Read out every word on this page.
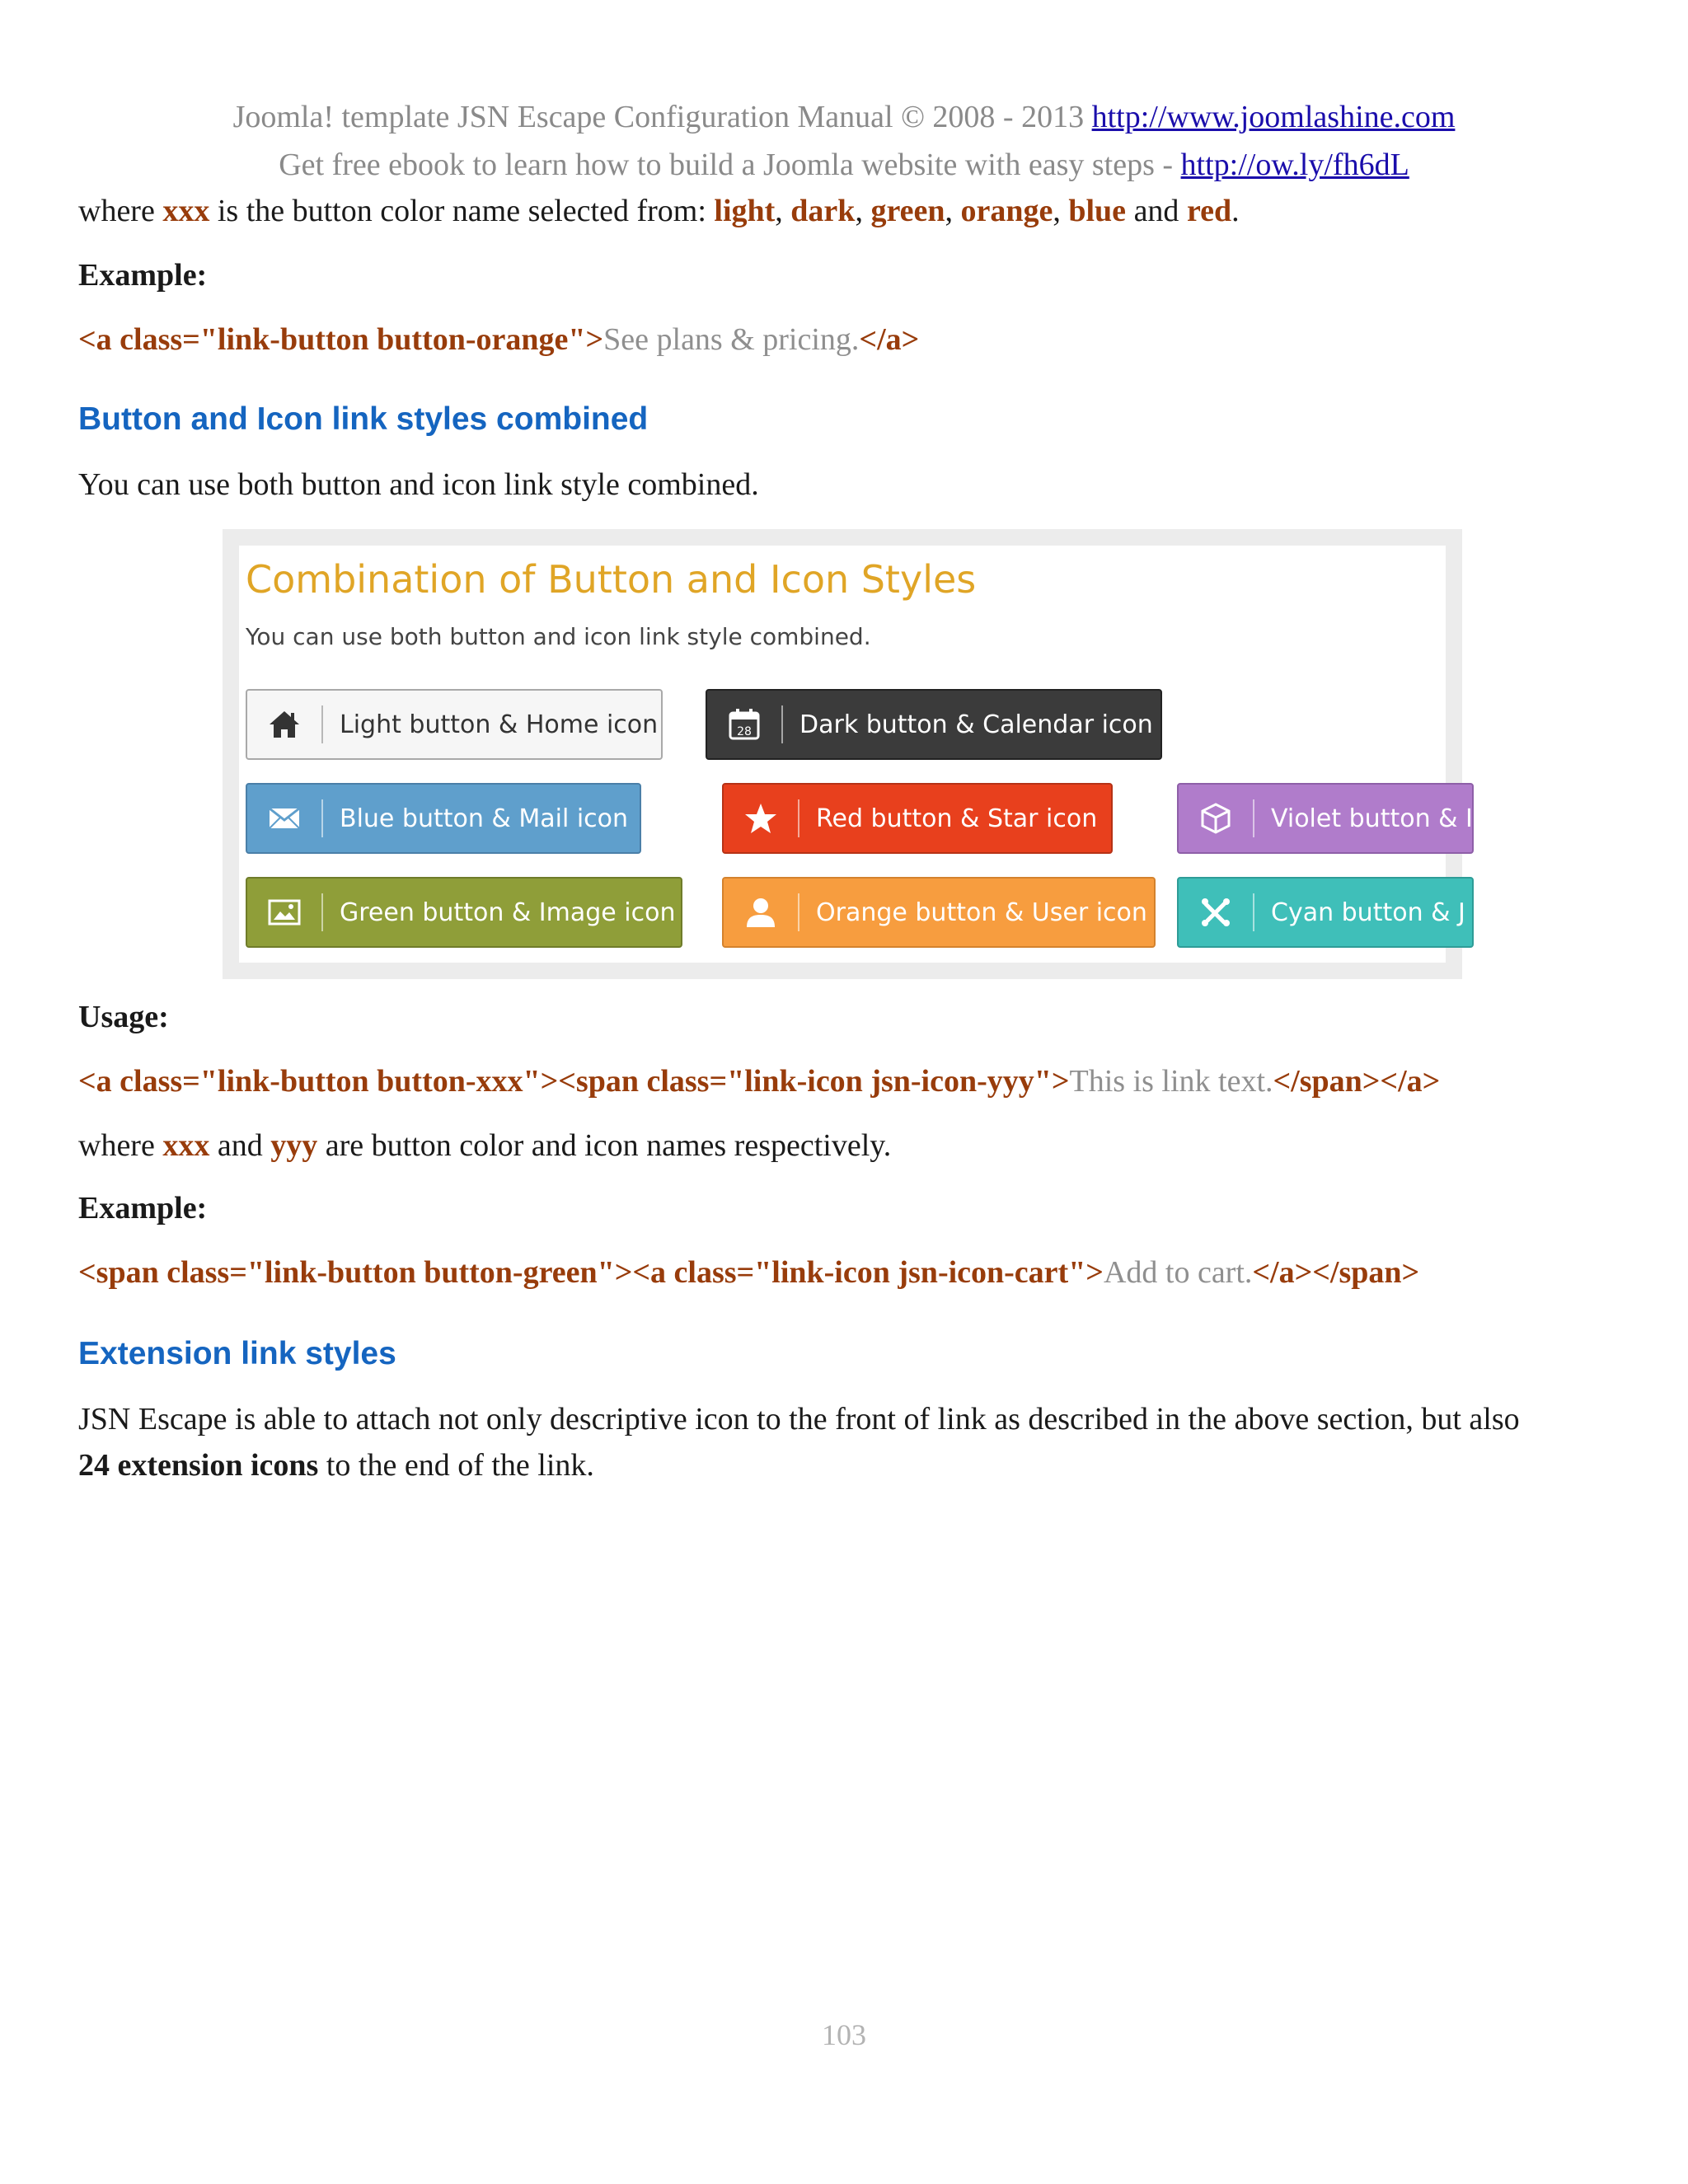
Joomla! template JSN Escape Configuration Manual © 2008 - 2013 http://www.joomlashine.com
Get free ebook to learn how to build a Joomla website with easy steps - http://ow.ly/fh6dL
where xxx is the button color name selected from: light, dark, green, orange, blue and red.
Example:
<a class="link-button button-orange">See plans & pricing.</a>
Button and Icon link styles combined
You can use both button and icon link style combined.
Combination of Button and Icon Styles
You can use both button and icon link style combined.
Light button & Home icon	28	Dark button & Calendar icon
Blue button & Mail icon	Red button & Star icon	Violet button & I
Green button & Image icon	Orange button & User icon	Cyan button & J
Usage:
<a class="link-button button-xxx"><span class="link-icon jsn-icon-yyy">This is link text.</span></a>
where xxx and yyy are button color and icon names respectively.
Example:
<span class="link-button button-green"><a class="link-icon jsn-icon-cart">Add to cart.</a></span>
Extension link styles
JSN Escape is able to attach not only descriptive icon to the front of link as described in the above section, but also
24 extension icons to the end of the link.
103
